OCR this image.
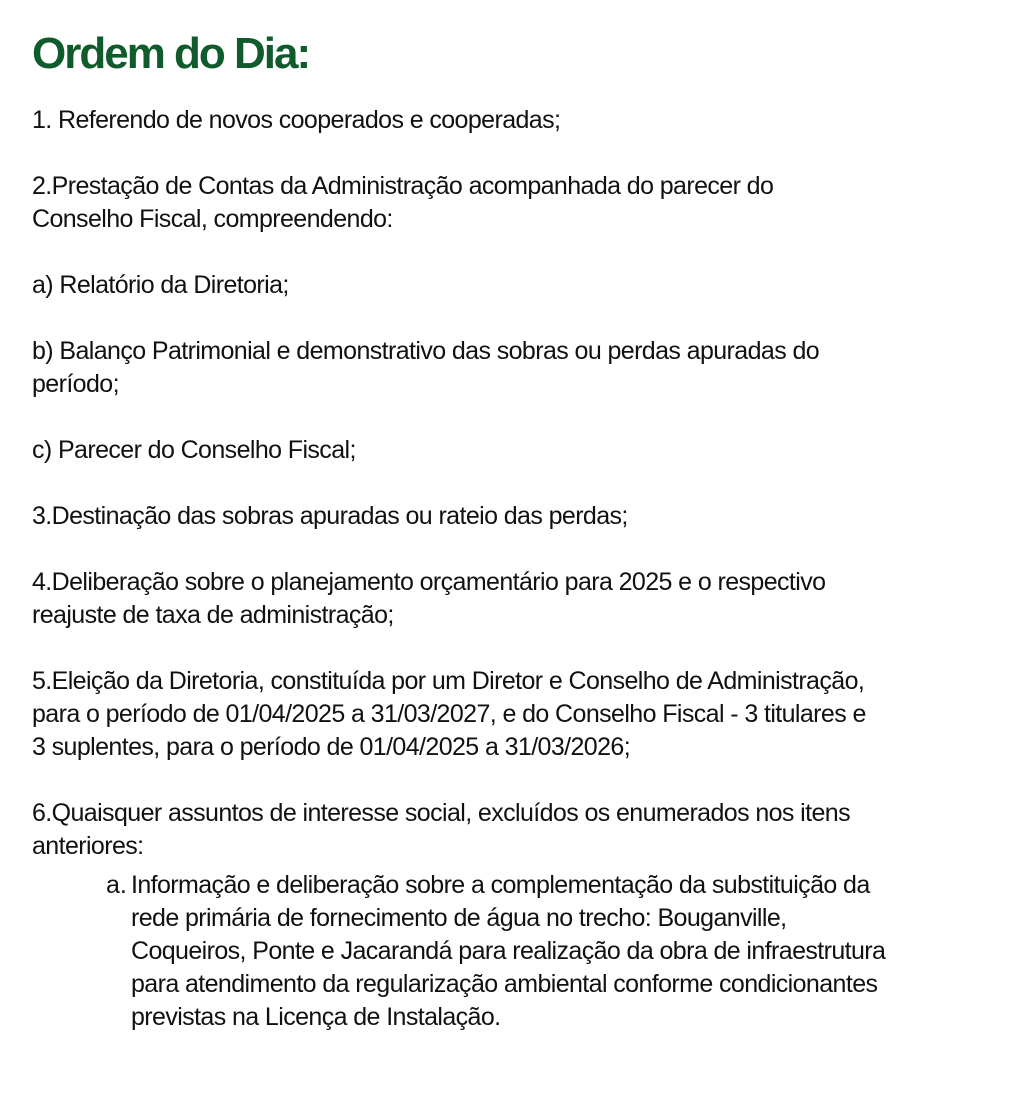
Ordem do Dia:

1. Referendo de novos cooperados e cooperadas;

2.Prestação de Contas da Administração acompanhada do parecer do
Conselho Fiscal, compreendendo:

a) Relatório da Diretoria;

b) Balanço Patrimonial e demonstrativo das sobras ou perdas apuradas do
período;

c) Parecer do Conselho Fiscal;

3.Destinação das sobras apuradas ou rateio das perdas;

4.Deliberação sobre o planejamento orçamentário para 2025 e o respectivo
reajuste de taxa de administração;

5.Eleição da Diretoria, constituída por um Diretor e Conselho de Administração,
para o período de 01/04/2025 a 31/03/2027, e do Conselho Fiscal - 3 titulares e
3 suplentes, para o período de 01/04/2025 a 31/03/2026;

6.Quaisquer assuntos de interesse social, excluídos os enumerados nos itens
anteriores:

a. Informação e deliberação sobre a complementação da substituição da
rede primária de fornecimento de água no trecho: Bouganville,
Coqueiros, Ponte e Jacarandá para realização da obra de infraestrutura
para atendimento da regularização ambiental conforme condicionantes
previstas na Licença de Instalação.
